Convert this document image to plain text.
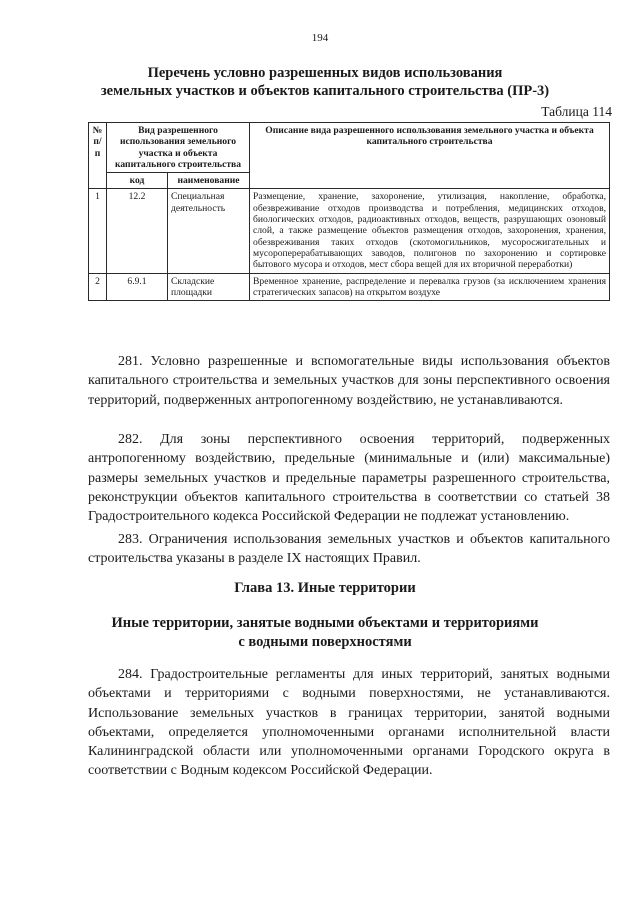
194
Перечень условно разрешенных видов использования
земельных участков и объектов капитального строительства (ПР-3)
Таблица 114
№ п/п	Вид разрешенного использования земельного участка и объекта капитального строительства		Описание вида разрешенного использования земельного участка и объекта капитального строительства
	код	наименование	
1	12.2	Специальная деятельность	Размещение, хранение, захоронение, утилизация, накопление, обработка, обезвреживание отходов производства и потребления, медицинских отходов, биологических отходов, радиоактивных отходов, веществ, разрушающих озоновый слой, а также размещение объектов размещения отходов, захоронения, хранения, обезвреживания таких отходов (скотомогильников, мусоросжигательных и мусороперерабатывающих заводов, полигонов по захоронению и сортировке бытового мусора и отходов, мест сбора вещей для их вторичной переработки)
2	6.9.1	Складские площадки	Временное хранение, распределение и перевалка грузов (за исключением хранения стратегических запасов) на открытом воздухе

281. Условно разрешенные и вспомогательные виды использования объектов капитального строительства и земельных участков для зоны перспективного освоения территорий, подверженных антропогенному воздействию, не устанавливаются.

282. Для зоны перспективного освоения территорий, подверженных антропогенному воздействию, предельные (минимальные и (или) максимальные) размеры земельных участков и предельные параметры разрешенного строительства, реконструкции объектов капитального строительства в соответствии со статьей 38 Градостроительного кодекса Российской Федерации не подлежат установлению.

283. Ограничения использования земельных участков и объектов капитального строительства указаны в разделе IX настоящих Правил.

Глава 13. Иные территории
Иные территории, занятые водными объектами и территориями
с водными поверхностями

284. Градостроительные регламенты для иных территорий, занятых водными объектами и территориями с водными поверхностями, не устанавливаются. Использование земельных участков в границах территории, занятой водными объектами, определяется уполномоченными органами исполнительной власти Калининградской области или уполномоченными органами Городского округа в соответствии с Водным кодексом Российской Федерации.
